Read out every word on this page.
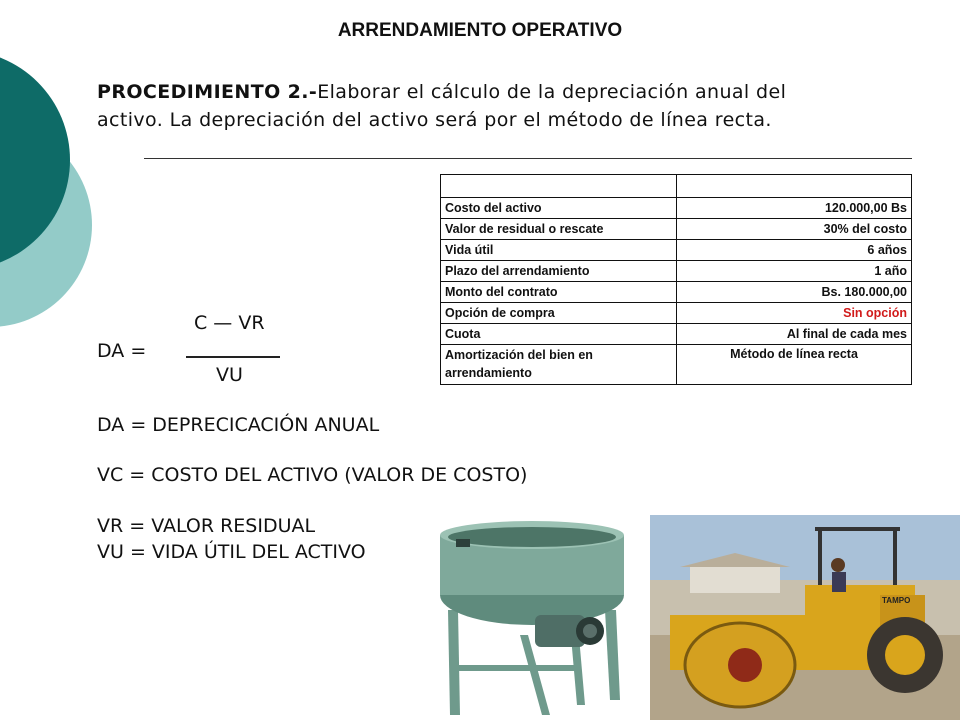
ARRENDAMIENTO OPERATIVO
PROCEDIMIENTO 2.-Elaborar el cálculo de la depreciación anual del
activo. La depreciación del activo será por el método de línea recta.

Costo del activo	120.000,00 Bs
Valor de residual o rescate	30% del costo
Vida útil	6 años
Plazo del arrendamiento	1 año
Monto del contrato	Bs. 180.000,00
Opción de compra	Sin opción
Cuota	Al final de cada mes
Amortización del bien en arrendamiento	Método de línea recta
C — VR
DA =
VU
DA = DEPRECICACIÓN ANUAL
VC = COSTO DEL ACTIVO (VALOR DE COSTO)
VR = VALOR RESIDUAL
VU = VIDA ÚTIL DEL ACTIVO
TAMPO
